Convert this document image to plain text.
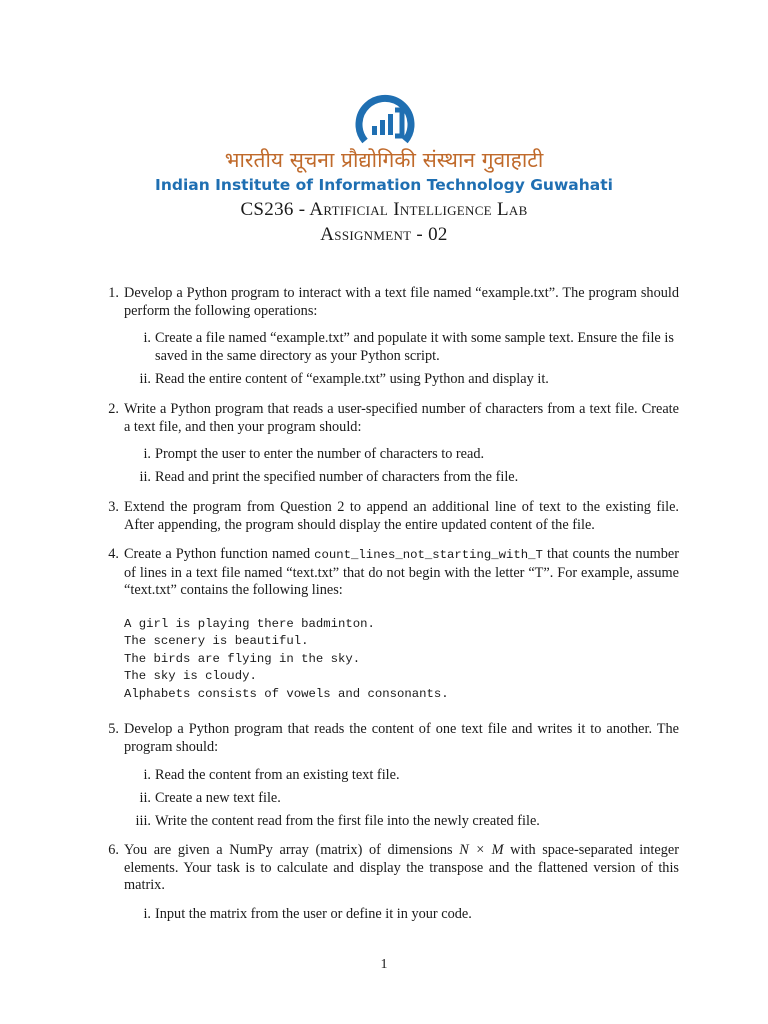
भारतीय सूचना प्रौद्योगिकी संस्थान गुवाहाटी
Indian Institute of Information Technology Guwahati
CS236 - Artificial Intelligence Lab
Assignment - 02
1. Develop a Python program to interact with a text file named “example.txt”. The program should perform the following operations:
i. Create a file named “example.txt” and populate it with some sample text. Ensure the file is saved in the same directory as your Python script.
ii. Read the entire content of “example.txt” using Python and display it.
2. Write a Python program that reads a user-specified number of characters from a text file. Create a text file, and then your program should:
i. Prompt the user to enter the number of characters to read.
ii. Read and print the specified number of characters from the file.
3. Extend the program from Question 2 to append an additional line of text to the existing file. After appending, the program should display the entire updated content of the file.
4. Create a Python function named count_lines_not_starting_with_T that counts the number of lines in a text file named “text.txt” that do not begin with the letter “T”. For example, assume “text.txt” contains the following lines:
A girl is playing there badminton.
The scenery is beautiful.
The birds are flying in the sky.
The sky is cloudy.
Alphabets consists of vowels and consonants.
5. Develop a Python program that reads the content of one text file and writes it to another. The program should:
i. Read the content from an existing text file.
ii. Create a new text file.
iii. Write the content read from the first file into the newly created file.
6. You are given a NumPy array (matrix) of dimensions N × M with space-separated integer elements. Your task is to calculate and display the transpose and the flattened version of this matrix.
i. Input the matrix from the user or define it in your code.
1
